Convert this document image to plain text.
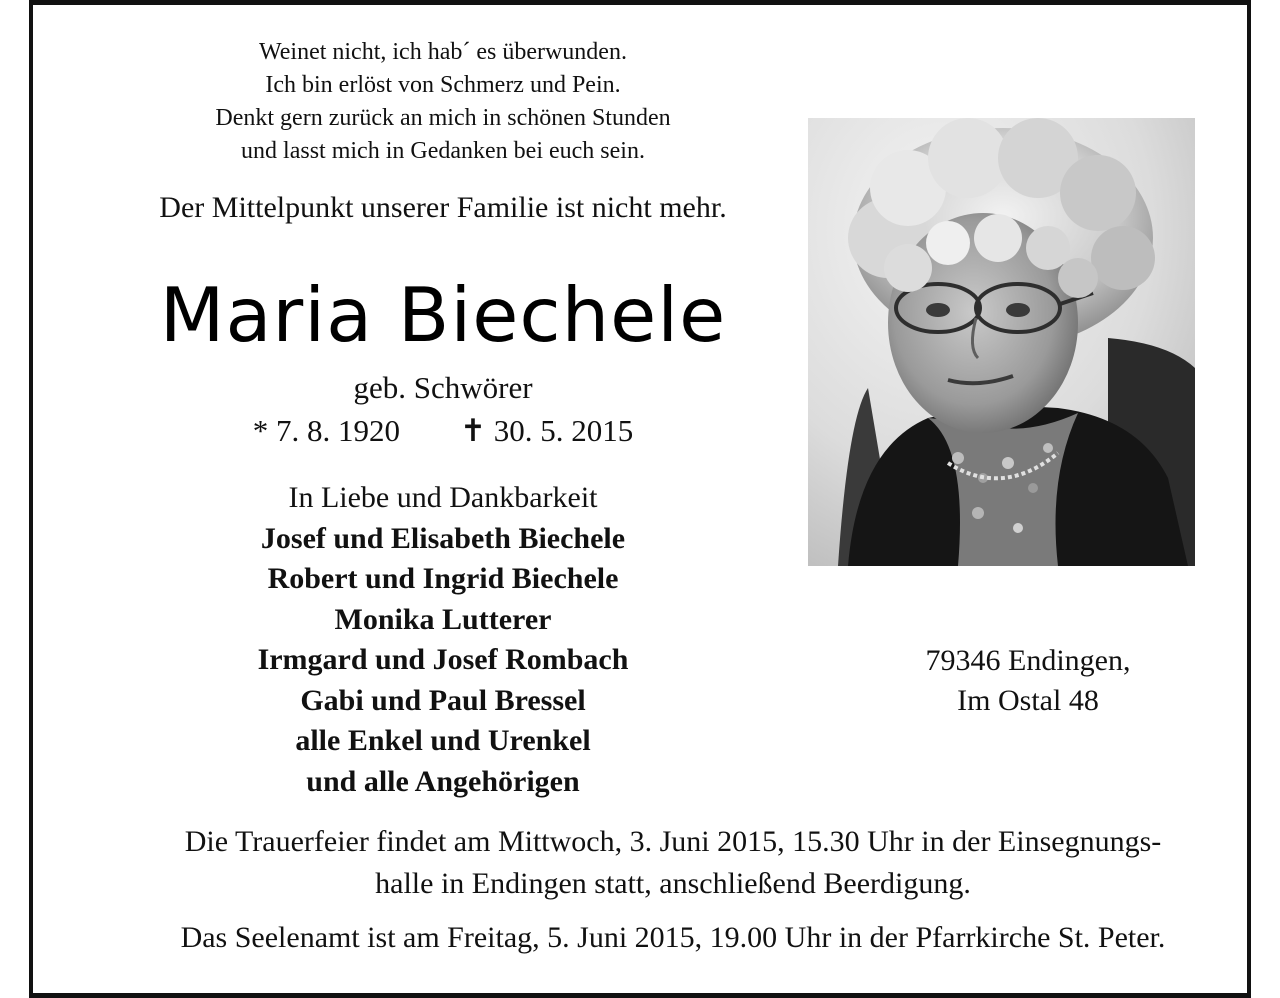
Weinet nicht, ich hab´ es überwunden.
Ich bin erlöst von Schmerz und Pein.
Denkt gern zurück an mich in schönen Stunden
und lasst mich in Gedanken bei euch sein.
Der Mittelpunkt unserer Familie ist nicht mehr.
Maria Biechele
geb. Schwörer
* 7. 8. 1920 ✝ 30. 5. 2015
In Liebe und Dankbarkeit
Josef und Elisabeth Biechele
Robert und Ingrid Biechele
Monika Lutterer
Irmgard und Josef Rombach
Gabi und Paul Bressel
alle Enkel und Urenkel
und alle Angehörigen
79346 Endingen,
Im Ostal 48
Die Trauerfeier findet am Mittwoch, 3. Juni 2015, 15.30 Uhr in der Einsegnungs-
halle in Endingen statt, anschließend Beerdigung.
Das Seelenamt ist am Freitag, 5. Juni 2015, 19.00 Uhr in der Pfarrkirche St. Peter.
